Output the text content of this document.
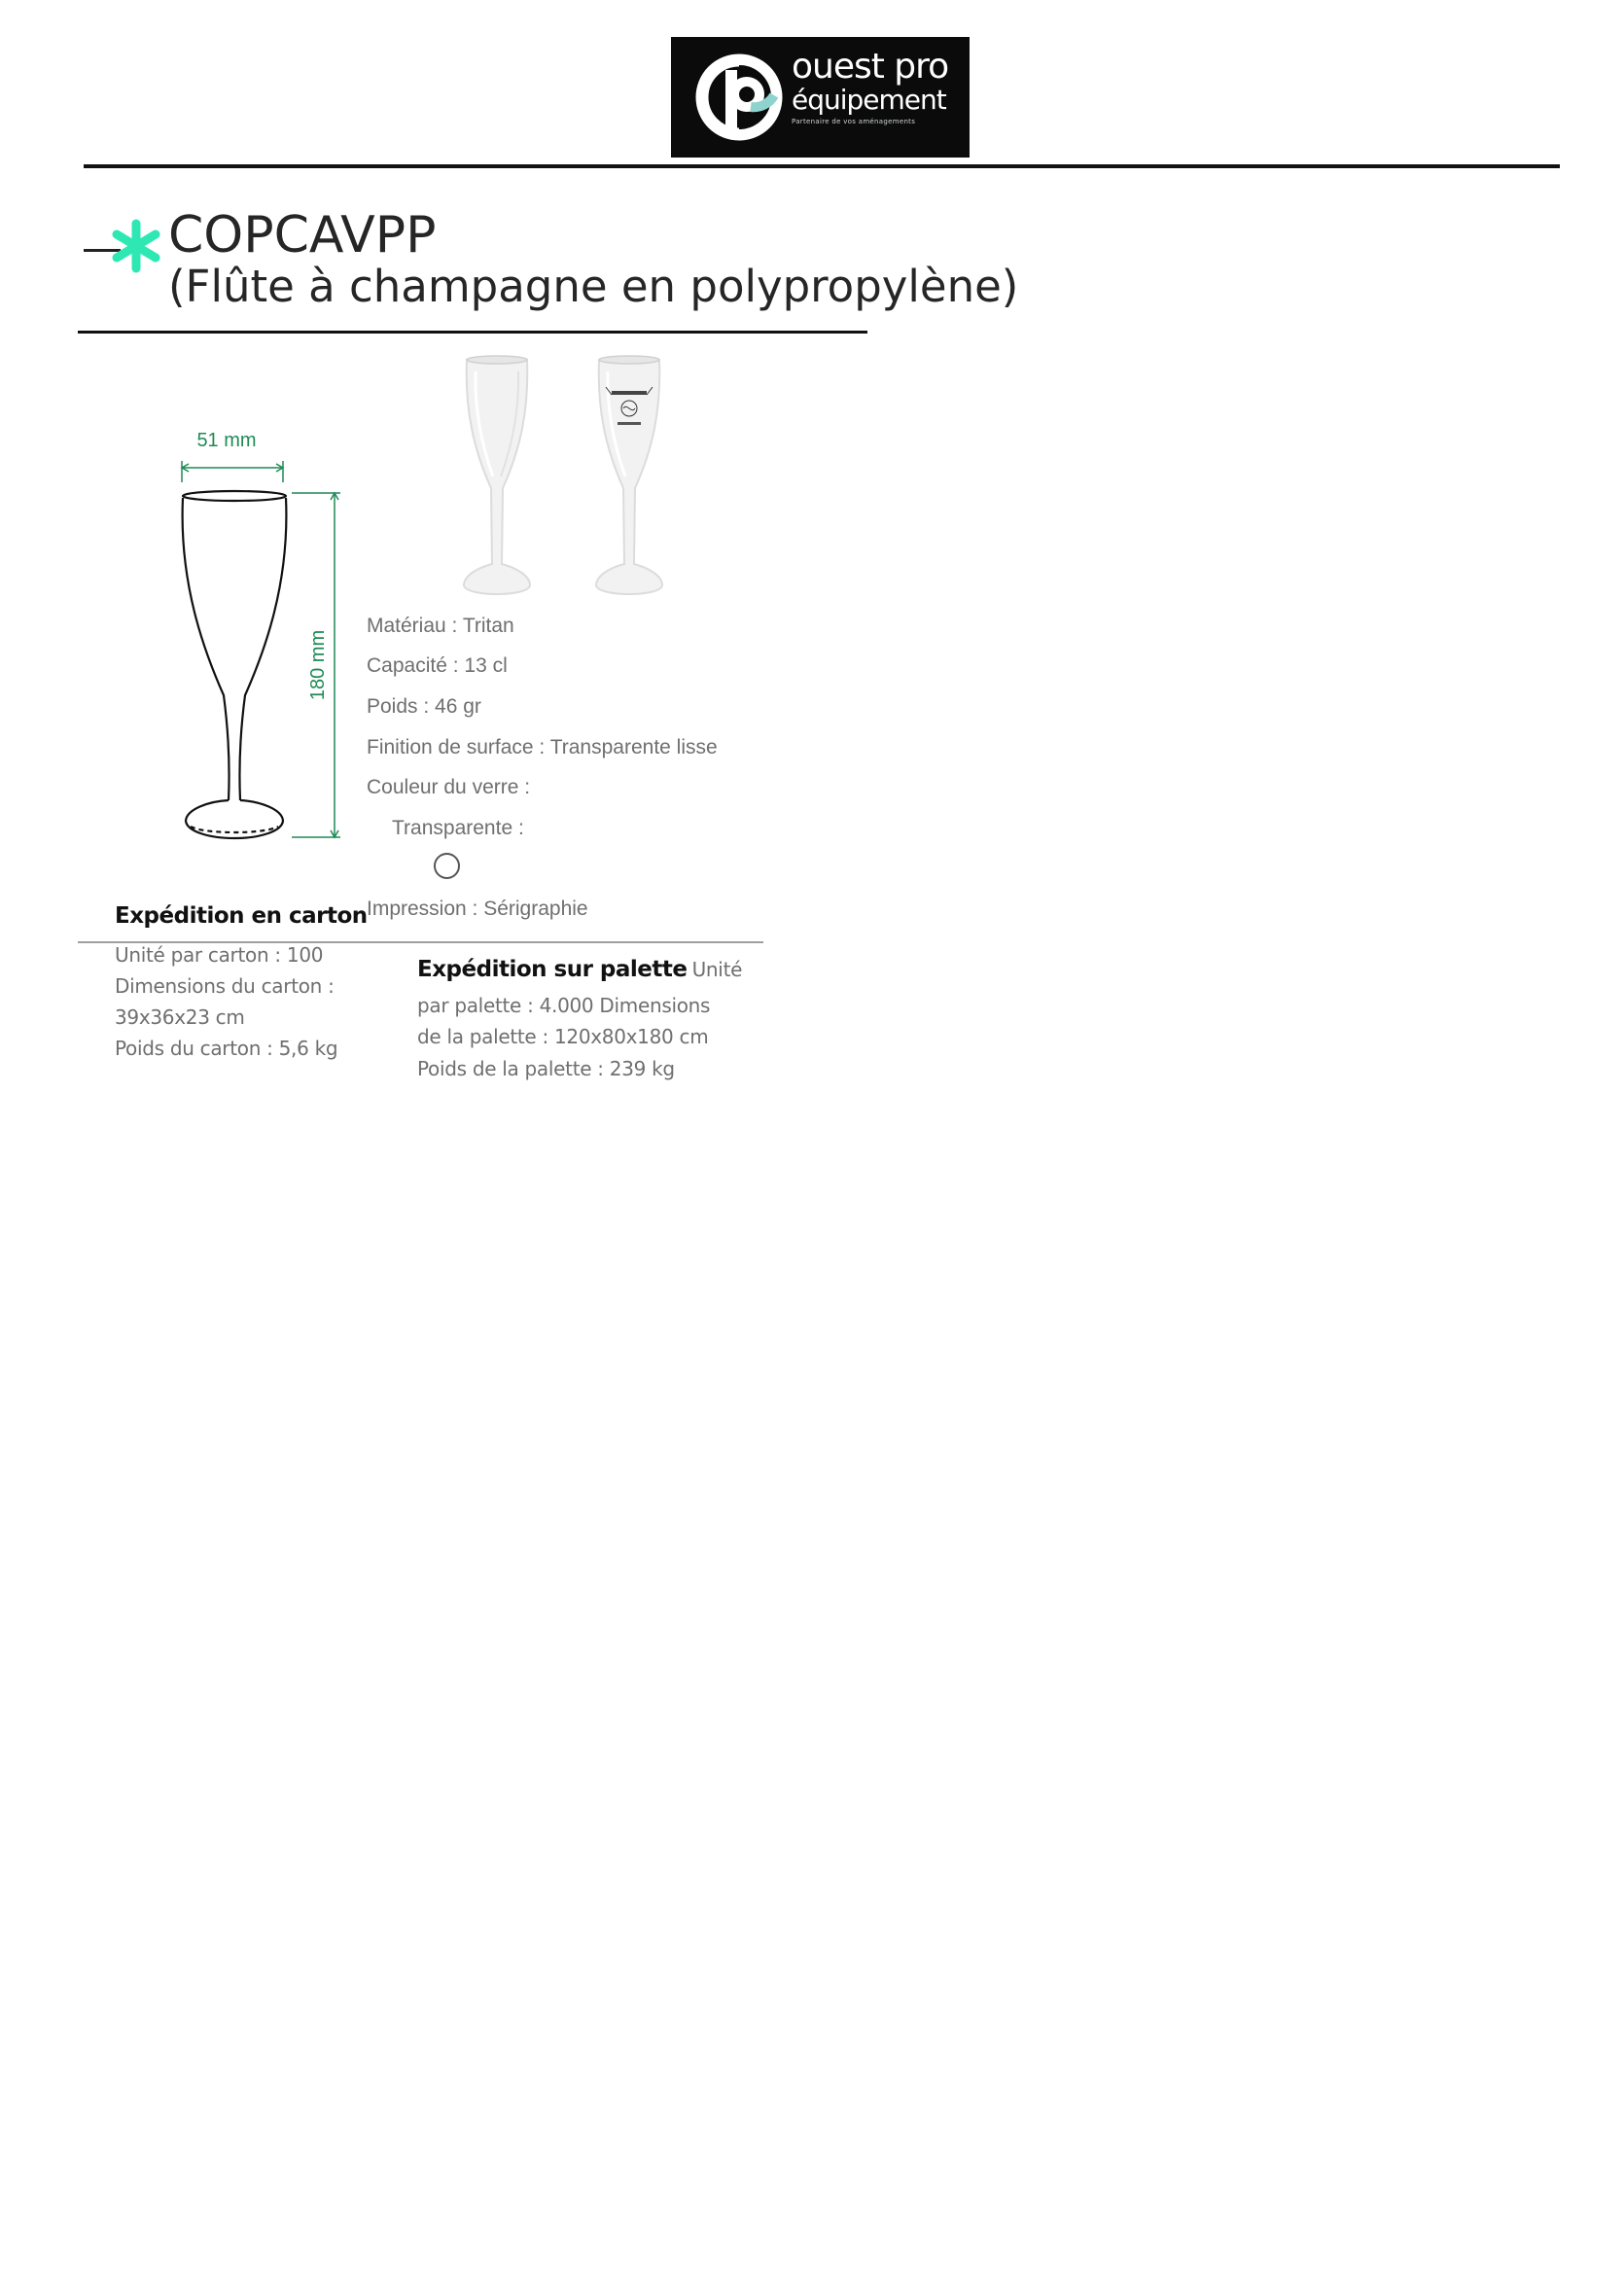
ouest pro
équipement
Partenaire de vos aménagements
COPCAVPP
(Flûte à champagne en polypropylène)
51 mm
180 mm
Matériau : Tritan
Capacité : 13 cl
Poids : 46 gr
Finition de surface : Transparente lisse
Couleur du verre :
Transparente :
Impression : Sérigraphie
Expédition en carton
Unité par carton : 100
Dimensions du carton :
39x36x23 cm
Poids du carton : 5,6 kg
Expédition sur palette Unité
par palette : 4.000 Dimensions
de la palette : 120x80x180 cm
Poids de la palette : 239 kg
